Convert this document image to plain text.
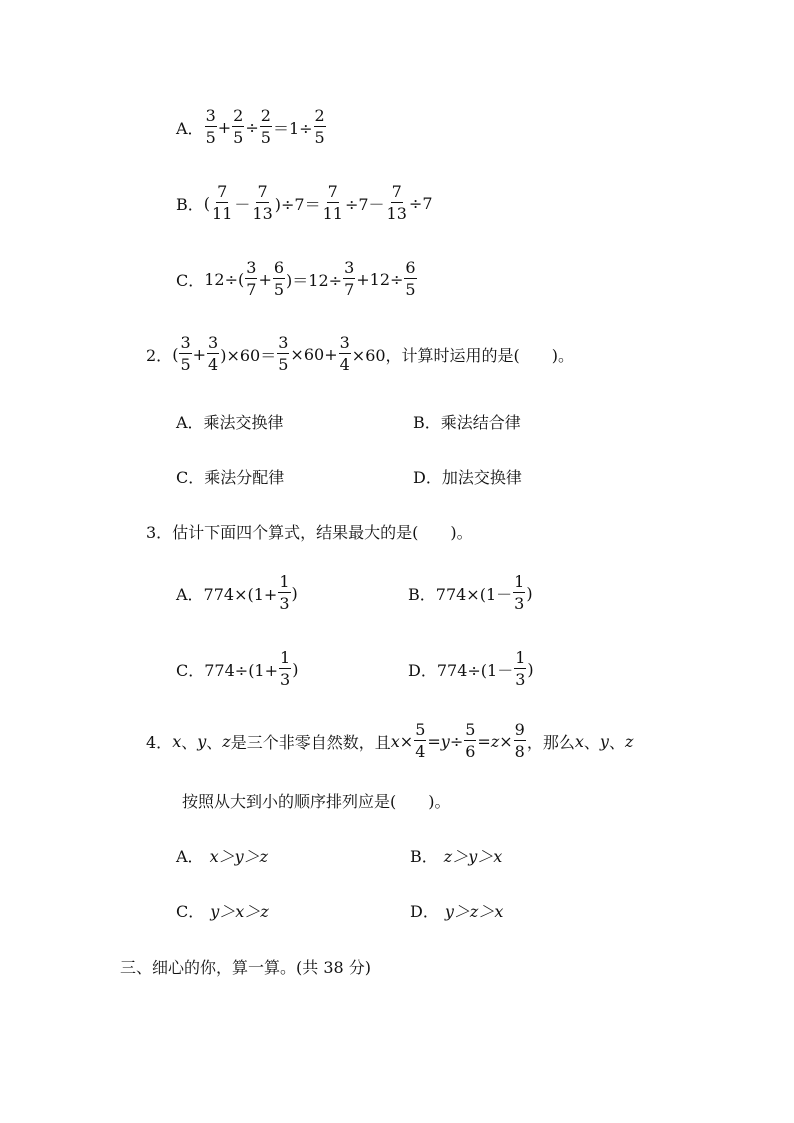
A． $\frac{3}{5} + \frac{2}{5} \div \frac{2}{5} =1\div \frac{2}{5}$
B． ( $\frac{7}{11} - \frac{7}{13} )\div 7= \frac{7}{11} \div 7- \frac{7}{13} \div 7$
C． $12\div( \frac{3}{7} + \frac{6}{5} )=12\div \frac{3}{7} +12\div \frac{6}{5}$
2． ( $\frac{3}{5} + \frac{3}{4} )\times 60= \frac{3}{5} \times 60+ \frac{3}{4} \times 60$，计算时运用的是(　　)。
A．乘法交换律	B．乘法结合律
C．乘法分配律	D．加法交换律
3．估计下面四个算式，结果最大的是(　　)。
A．$774\times(1+ \frac{1}{3}$ )	B．$774\times(1- \frac{1}{3}$ )
C．$774\div(1+ \frac{1}{3}$ )	D．$774\div(1- \frac{1}{3}$ )
4． x 、 y 、 z 是三个非零自然数，且 $x \times \frac{5}{4} = y \div \frac{5}{6} = z \times \frac{9}{8}$ ，那么 x 、 y 、 z
按照从大到小的顺序排列应是(　　)。
A． x＞y＞z	B． z＞y＞x
C． y＞x＞z	D． y＞z＞x
三、细心的你，算一算。(共 38 分)
